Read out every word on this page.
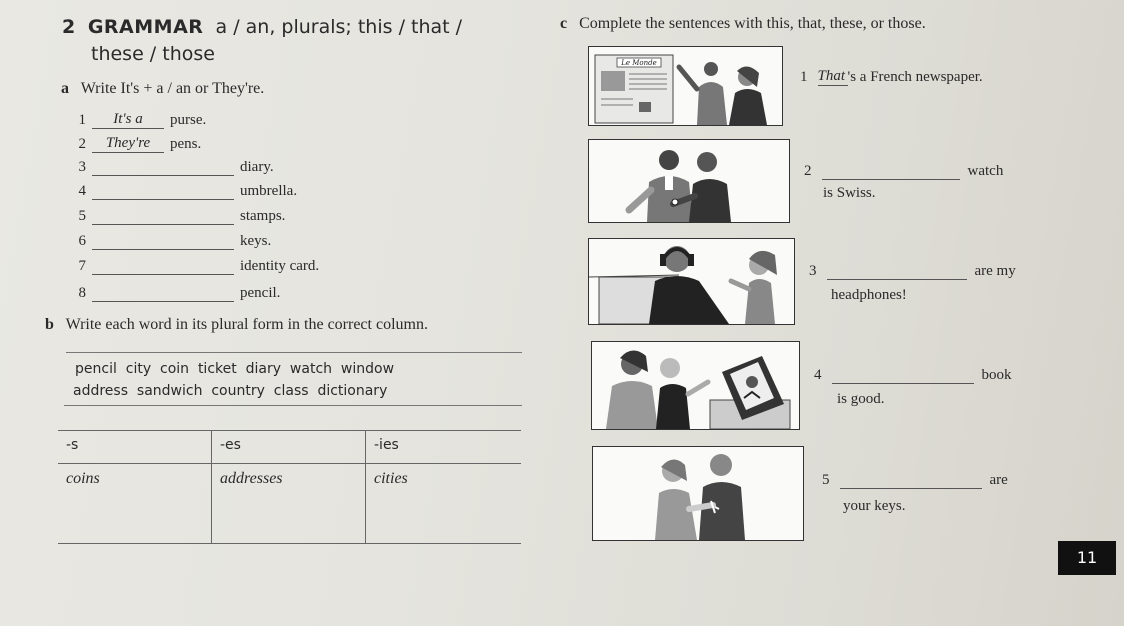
2 GRAMMAR a / an, plurals; this / that /
these / those
a Write It's + a / an or They're.
1 It's a purse.
2 They're pens.
3	diary.
4	umbrella.
5	stamps.
6	keys.
7	identity card.
8	pencil.
b Write each word in its plural form in the correct column.
pencil  city  coin  ticket  diary  watch  window
address  sandwich  country  class  dictionary
-s	-es	-ies
coins	addresses	cities
c Complete the sentences with this, that, these, or those.
Le Monde
1 That 's a French newspaper.
2	watch
is Swiss.
3	are my
headphones!
4	book
is good.
5	are
your keys.
11
